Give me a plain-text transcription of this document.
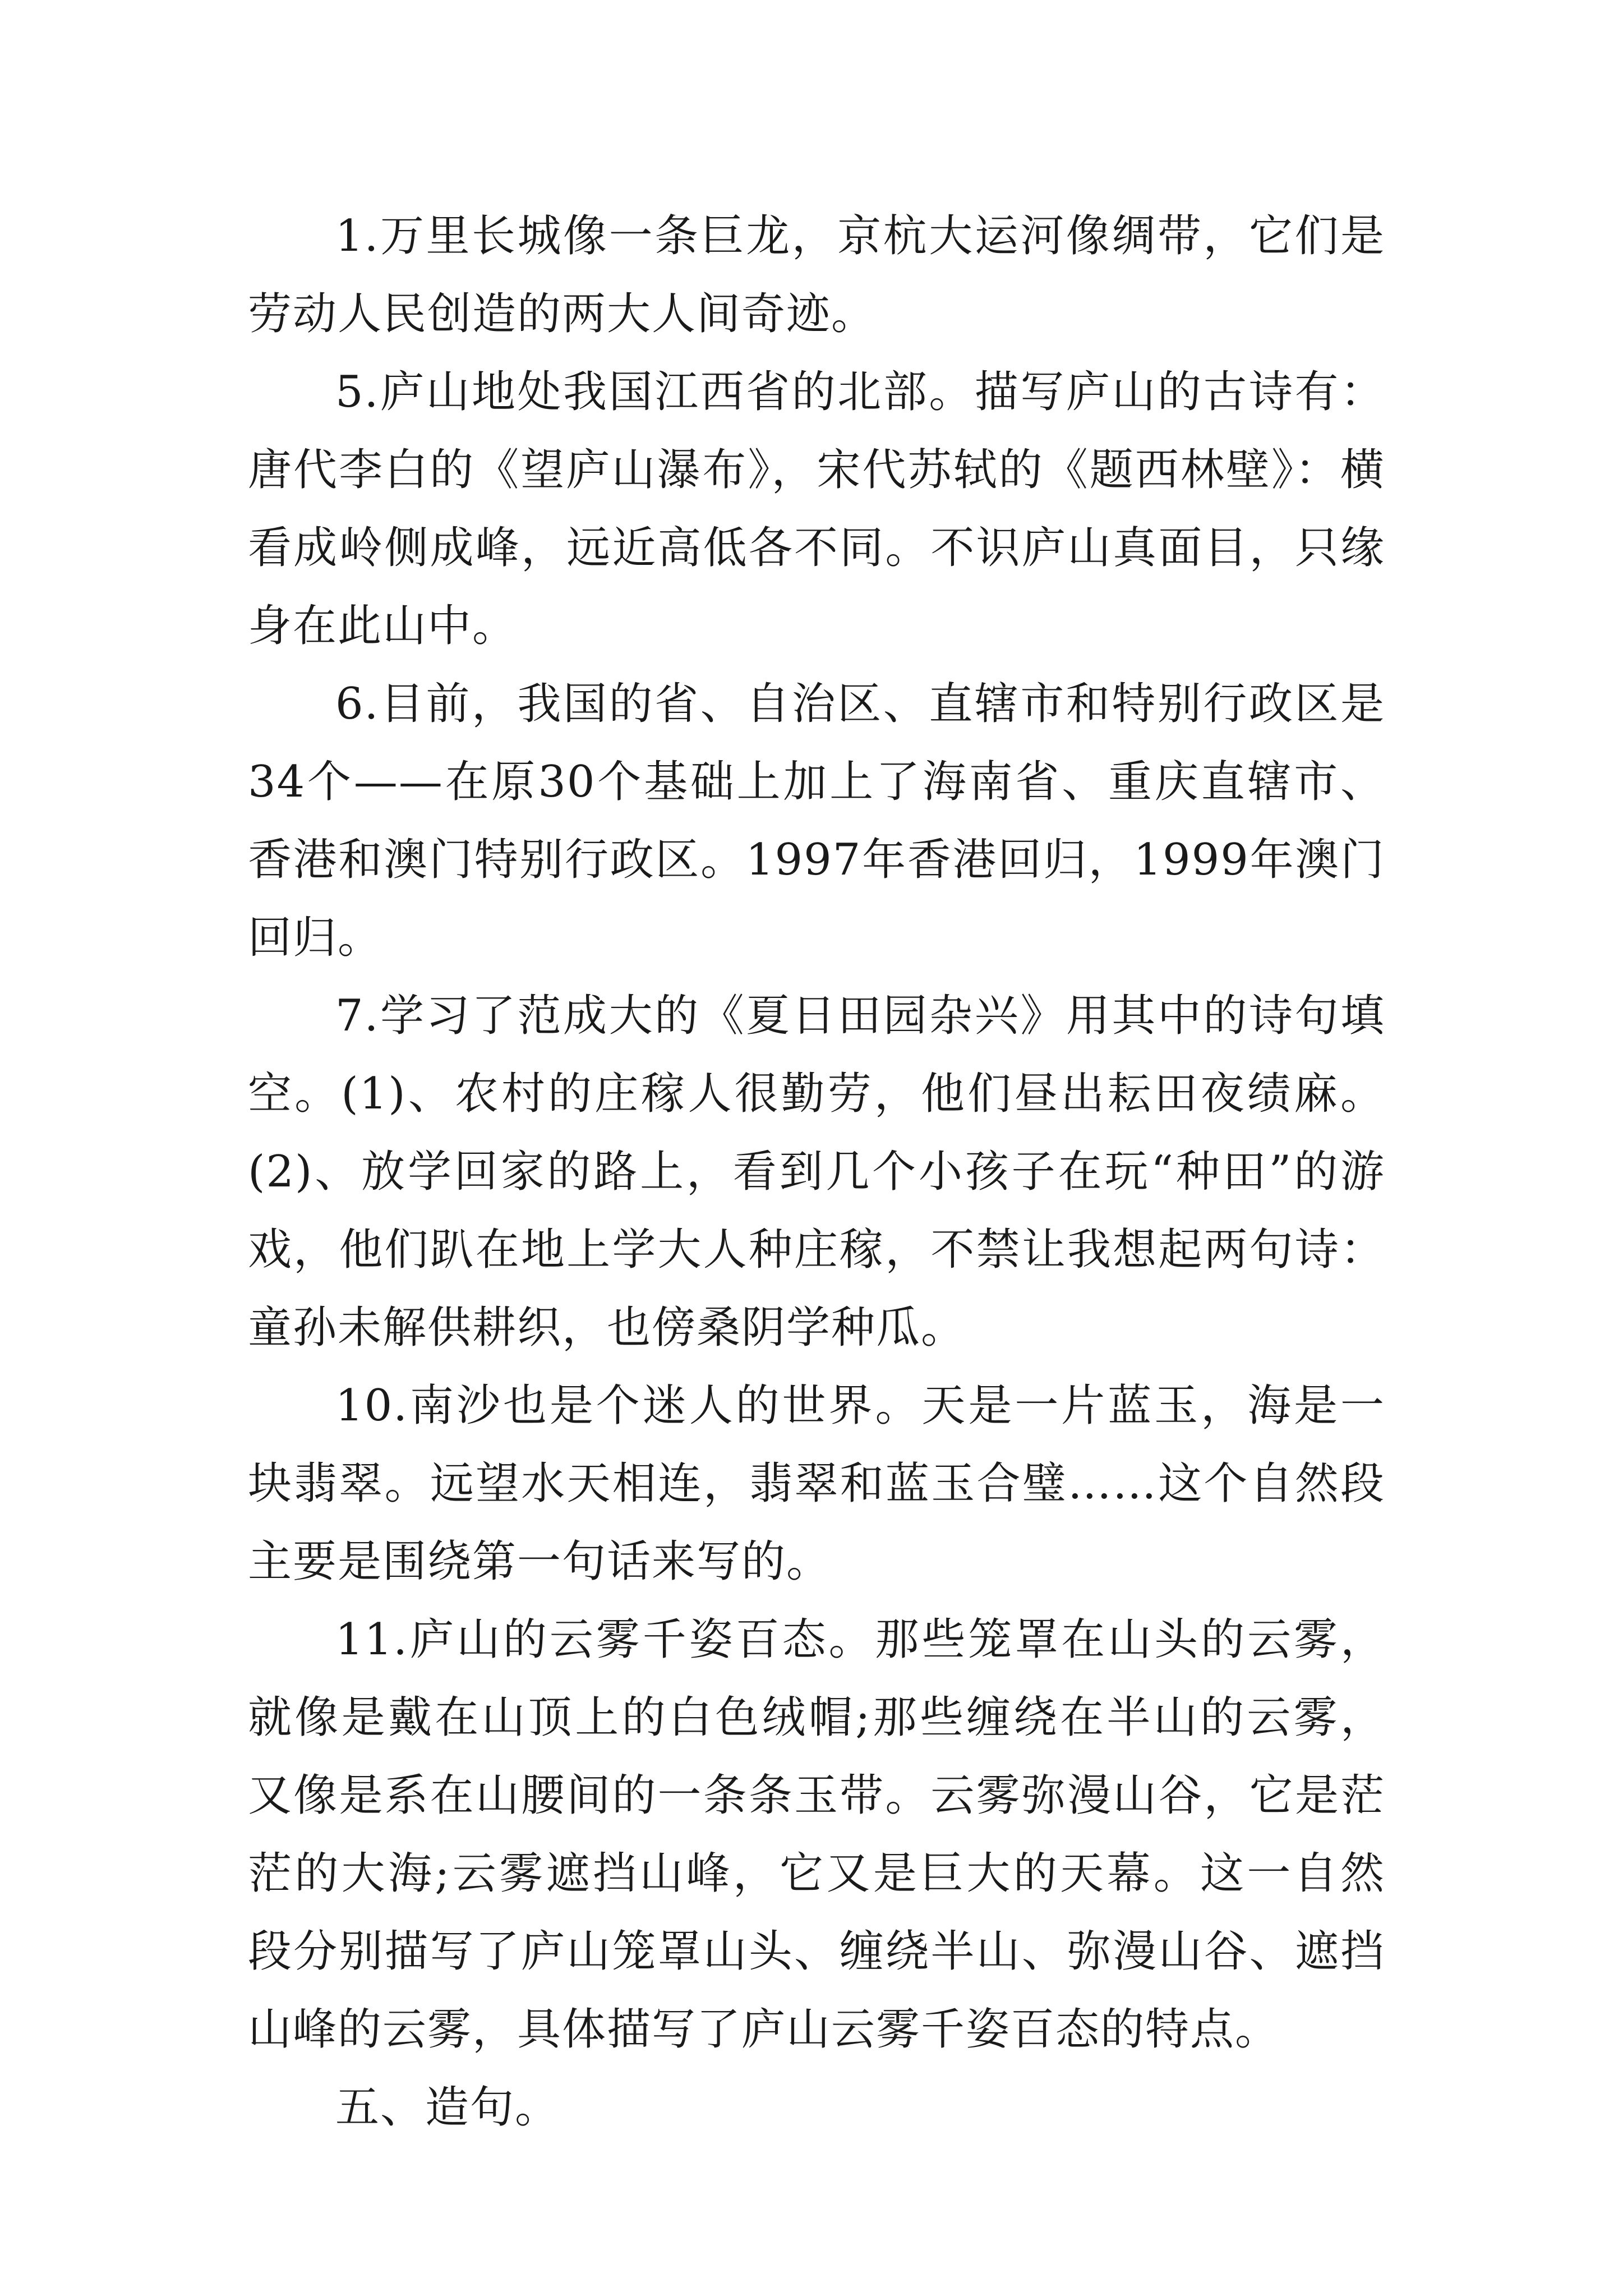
1.万里长城像一条巨龙，京杭大运河像绸带，它们是劳动人民创造的两大人间奇迹。

5.庐山地处我国江西省的北部。描写庐山的古诗有：唐代李白的《望庐山瀑布》，宋代苏轼的《题西林壁》：横看成岭侧成峰，远近高低各不同。不识庐山真面目，只缘身在此山中。

6.目前，我国的省、自治区、直辖市和特别行政区是34个——在原30个基础上加上了海南省、重庆直辖市、香港和澳门特别行政区。1997年香港回归，1999年澳门回归。

7.学习了范成大的《夏日田园杂兴》用其中的诗句填空。(1)、农村的庄稼人很勤劳，他们昼出耘田夜绩麻。(2)、放学回家的路上，看到几个小孩子在玩“种田”的游戏，他们趴在地上学大人种庄稼，不禁让我想起两句诗：童孙未解供耕织，也傍桑阴学种瓜。

10.南沙也是个迷人的世界。天是一片蓝玉，海是一块翡翠。远望水天相连，翡翠和蓝玉合璧……这个自然段主要是围绕第一句话来写的。

11.庐山的云雾千姿百态。那些笼罩在山头的云雾，就像是戴在山顶上的白色绒帽;那些缠绕在半山的云雾，又像是系在山腰间的一条条玉带。云雾弥漫山谷，它是茫茫的大海;云雾遮挡山峰，它又是巨大的天幕。这一自然段分别描写了庐山笼罩山头、缠绕半山、弥漫山谷、遮挡山峰的云雾，具体描写了庐山云雾千姿百态的特点。

五、造句。
